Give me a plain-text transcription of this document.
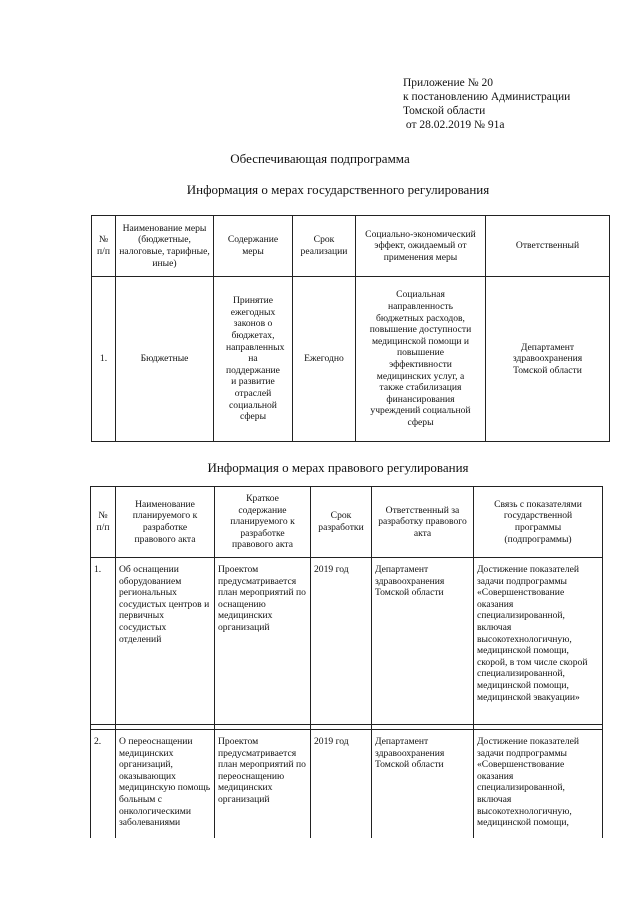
Приложение № 20
к постановлению Администрации
Томской области
от 28.02.2019 № 91а
Обеспечивающая подпрограмма
Информация о мерах государственного регулирования
№ п/п	Наименование меры (бюджетные, налоговые, тарифные, иные)	Содержание меры	Срок реализации	Социально-экономический эффект, ожидаемый от применения меры	Ответственный
1.	Бюджетные	Принятие ежегодных законов о бюджетах, направленных на поддержание и развитие отраслей социальной сферы	Ежегодно	Социальная направленность бюджетных расходов, повышение доступности медицинской помощи и повышение эффективности медицинских услуг, а также стабилизация финансирования учреждений социальной сферы	Департамент здравоохранения Томской области
Информация о мерах правового регулирования
№ п/п	Наименование планируемого к разработке правового акта	Краткое содержание планируемого к разработке правового акта	Срок разработки	Ответственный за разработку правового акта	Связь с показателями государственной программы (подпрограммы)
1.	Об оснащении оборудованием региональных сосудистых центров и первичных сосудистых отделений	Проектом предусматривается план мероприятий по оснащению медицинских организаций	2019 год	Департамент здравоохранения Томской области	Достижение показателей задачи подпрограммы «Совершенствование оказания специализированной, включая высокотехнологичную, медицинской помощи, скорой, в том числе скорой специализированной, медицинской помощи, медицинской эвакуации»

2.	О переоснащении медицинских организаций, оказывающих медицинскую помощь больным с онкологическими заболеваниями	Проектом предусматривается план мероприятий по переоснащению медицинских организаций	2019 год	Департамент здравоохранения Томской области	Достижение показателей задачи подпрограммы «Совершенствование оказания специализированной, включая высокотехнологичную, медицинской помощи,
